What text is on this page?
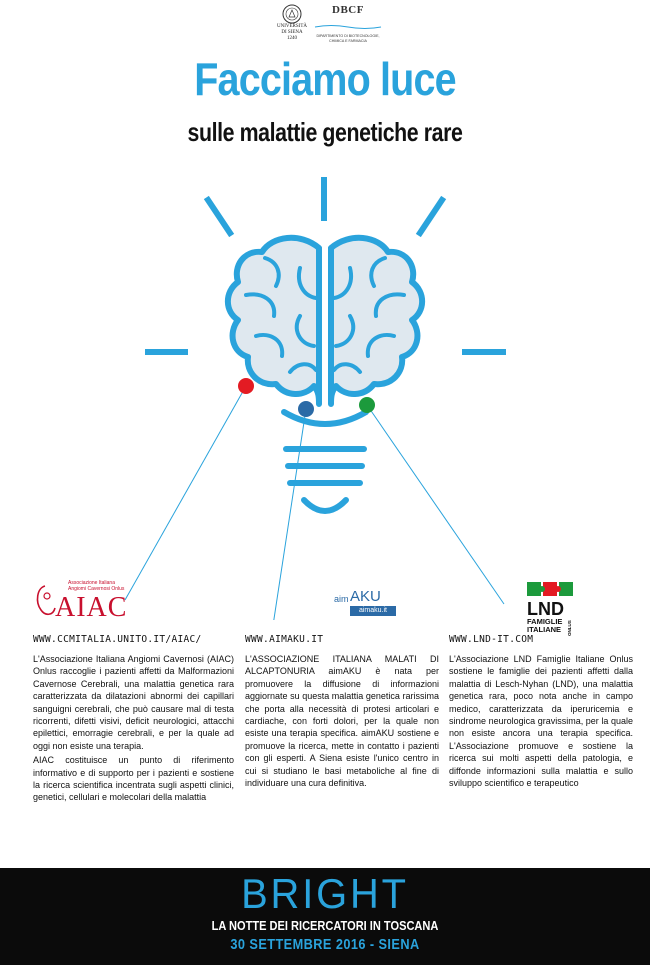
UNIVERSITÀ
DI SIENA
1240
DBCF
DIPARTIMENTO DI BIOTECNOLOGIE,
CHIMICA E FARMACIA
Facciamo luce
sulle malattie genetiche rare
Associazione Italiana
Angiomi Cavernosi Onlus
AIAC	aim AKU
aimaku.it	LND
FAMIGLIE
ITALIANE ONLUS
WWW.CCMITALIA.UNITO.IT/AIAC/	WWW.AIMAKU.IT	WWW.LND-IT.COM

L'Associazione Italiana Angiomi Cavernosi (AIAC) Onlus raccoglie i pazienti affetti da Malformazioni Cavernose Cerebrali, una malattia genetica rara caratterizzata da dilatazioni abnormi dei capillari sanguigni cerebrali, che può causare mal di testa ricorrenti, difetti visivi, deficit neurologici, attacchi epilettici, emorragie cerebrali, e per la quale ad oggi non esiste una terapia.

AIAC costituisce un punto di riferimento informativo e di supporto per i pazienti e sostiene la ricerca scientifica incentrata sugli aspetti clinici, genetici, cellulari e molecolari della malattia

L'ASSOCIAZIONE ITALIANA MALATI DI ALCAPTONURIA aimAKU è nata per promuovere la diffusione di informazioni aggiornate su questa malattia genetica rarissima che porta alla necessità di protesi articolari e cardiache, con forti dolori, per la quale non esiste una terapia specifica. aimAKU sostiene e promuove la ricerca, mette in contatto i pazienti con gli esperti. A Siena esiste l'unico centro in cui si studiano le basi metaboliche al fine di individuare una cura definitiva.

L'Associazione LND Famiglie Italiane Onlus sostiene le famiglie dei pazienti affetti dalla malattia di Lesch-Nyhan (LND), una malattia genetica rara, poco nota anche in campo medico, caratterizzata da iperuricemia e sindrome neurologica gravissima, per la quale non esiste ancora una terapia specifica. L'Associazione promuove e sostiene la ricerca sui molti aspetti della patologia, e diffonde informazioni sulla malattia e sullo sviluppo scientifico e terapeutico

BRIGHT
LA NOTTE DEI RICERCATORI IN TOSCANA
30 SETTEMBRE 2016 - SIENA
